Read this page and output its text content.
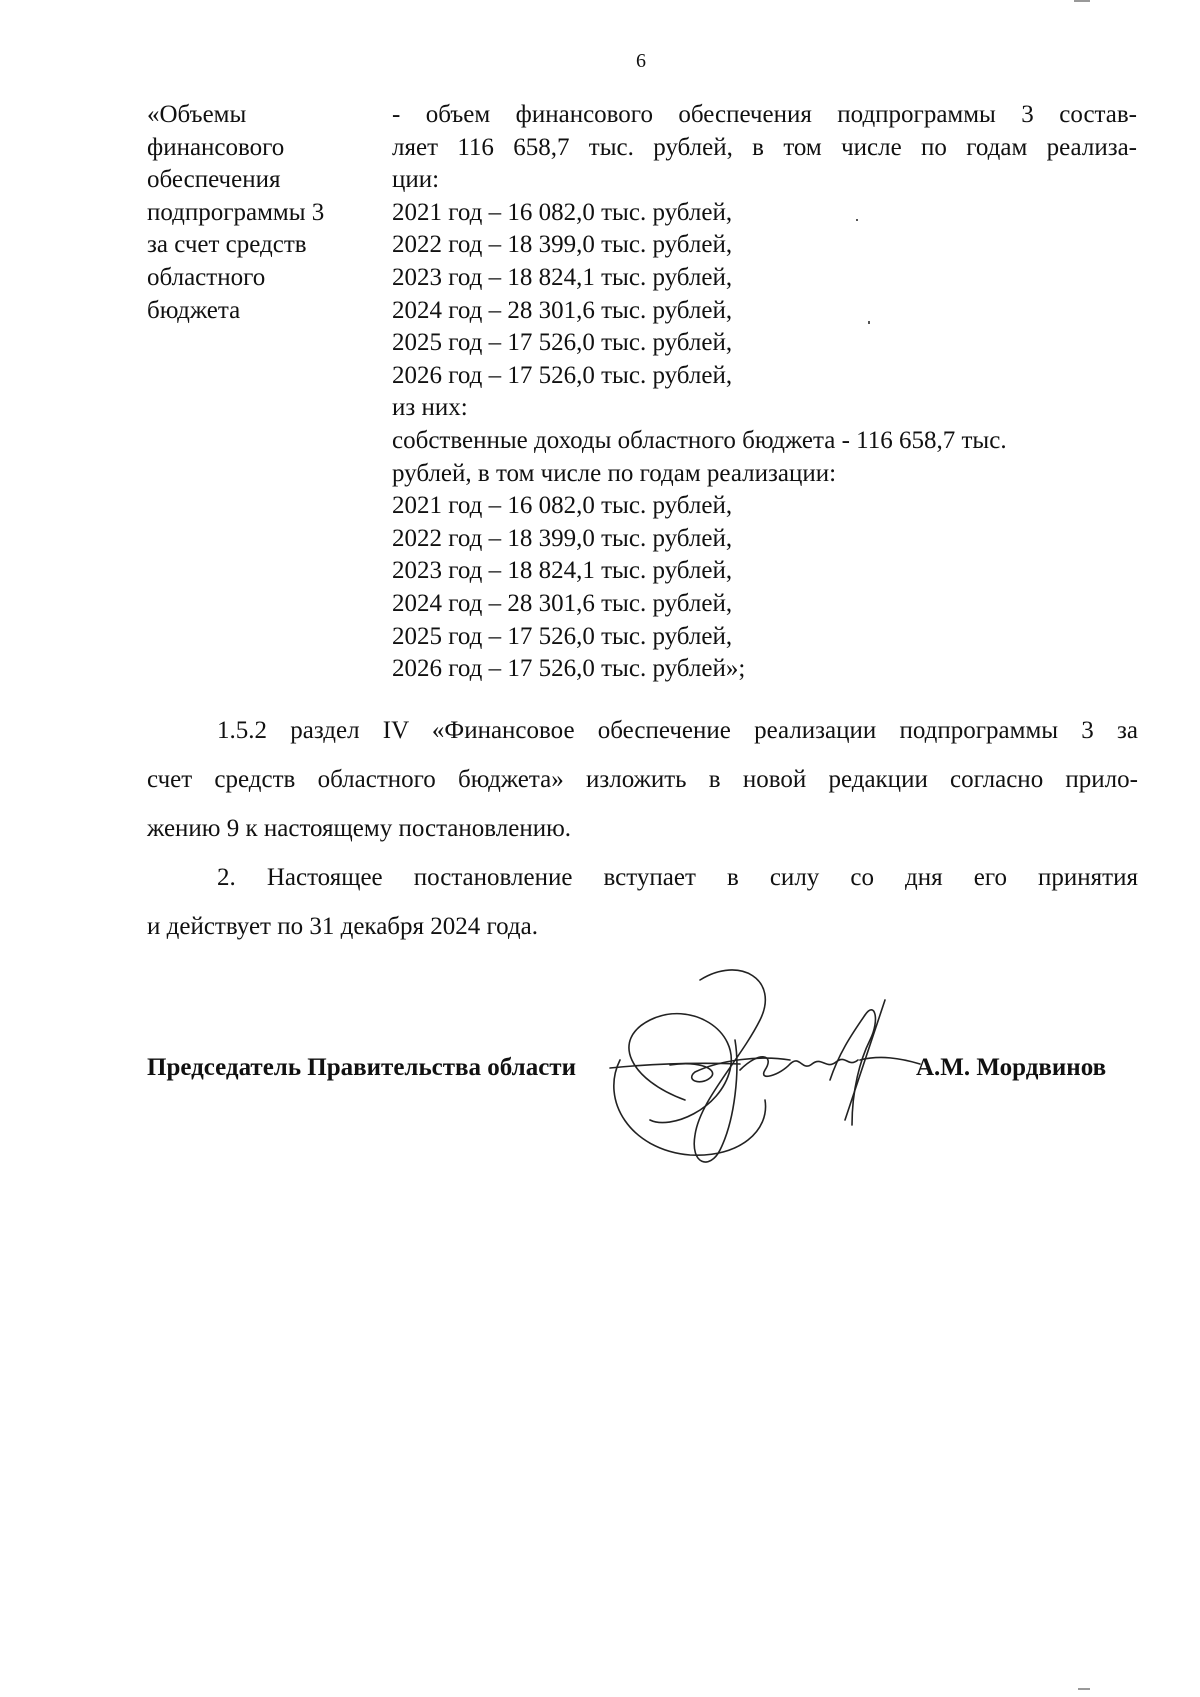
6
«Объемы
финансового
обеспечения
подпрограммы 3
за счет средств
областного
бюджета
- объем финансового обеспечения подпрограммы 3 состав-
ляет 116 658,7 тыс. рублей, в том числе по годам реализа-
ции:
2021 год – 16 082,0 тыс. рублей,
2022 год – 18 399,0 тыс. рублей,
2023 год – 18 824,1 тыс. рублей,
2024 год – 28 301,6 тыс. рублей,
2025 год – 17 526,0 тыс. рублей,
2026 год – 17 526,0 тыс. рублей,
из них:
собственные доходы областного бюджета - 116 658,7 тыс.
рублей, в том числе по годам реализации:
2021 год – 16 082,0 тыс. рублей,
2022 год – 18 399,0 тыс. рублей,
2023 год – 18 824,1 тыс. рублей,
2024 год – 28 301,6 тыс. рублей,
2025 год – 17 526,0 тыс. рублей,
2026 год – 17 526,0 тыс. рублей»;
1.5.2 раздел IV «Финансовое обеспечение реализации подпрограммы 3 за
счет средств областного бюджета» изложить в новой редакции согласно прило-
жению 9 к настоящему постановлению.
2. Настоящее постановление вступает в силу со дня его принятия
и действует по 31 декабря 2024 года.
Председатель Правительства области	А.М. Мордвинов
